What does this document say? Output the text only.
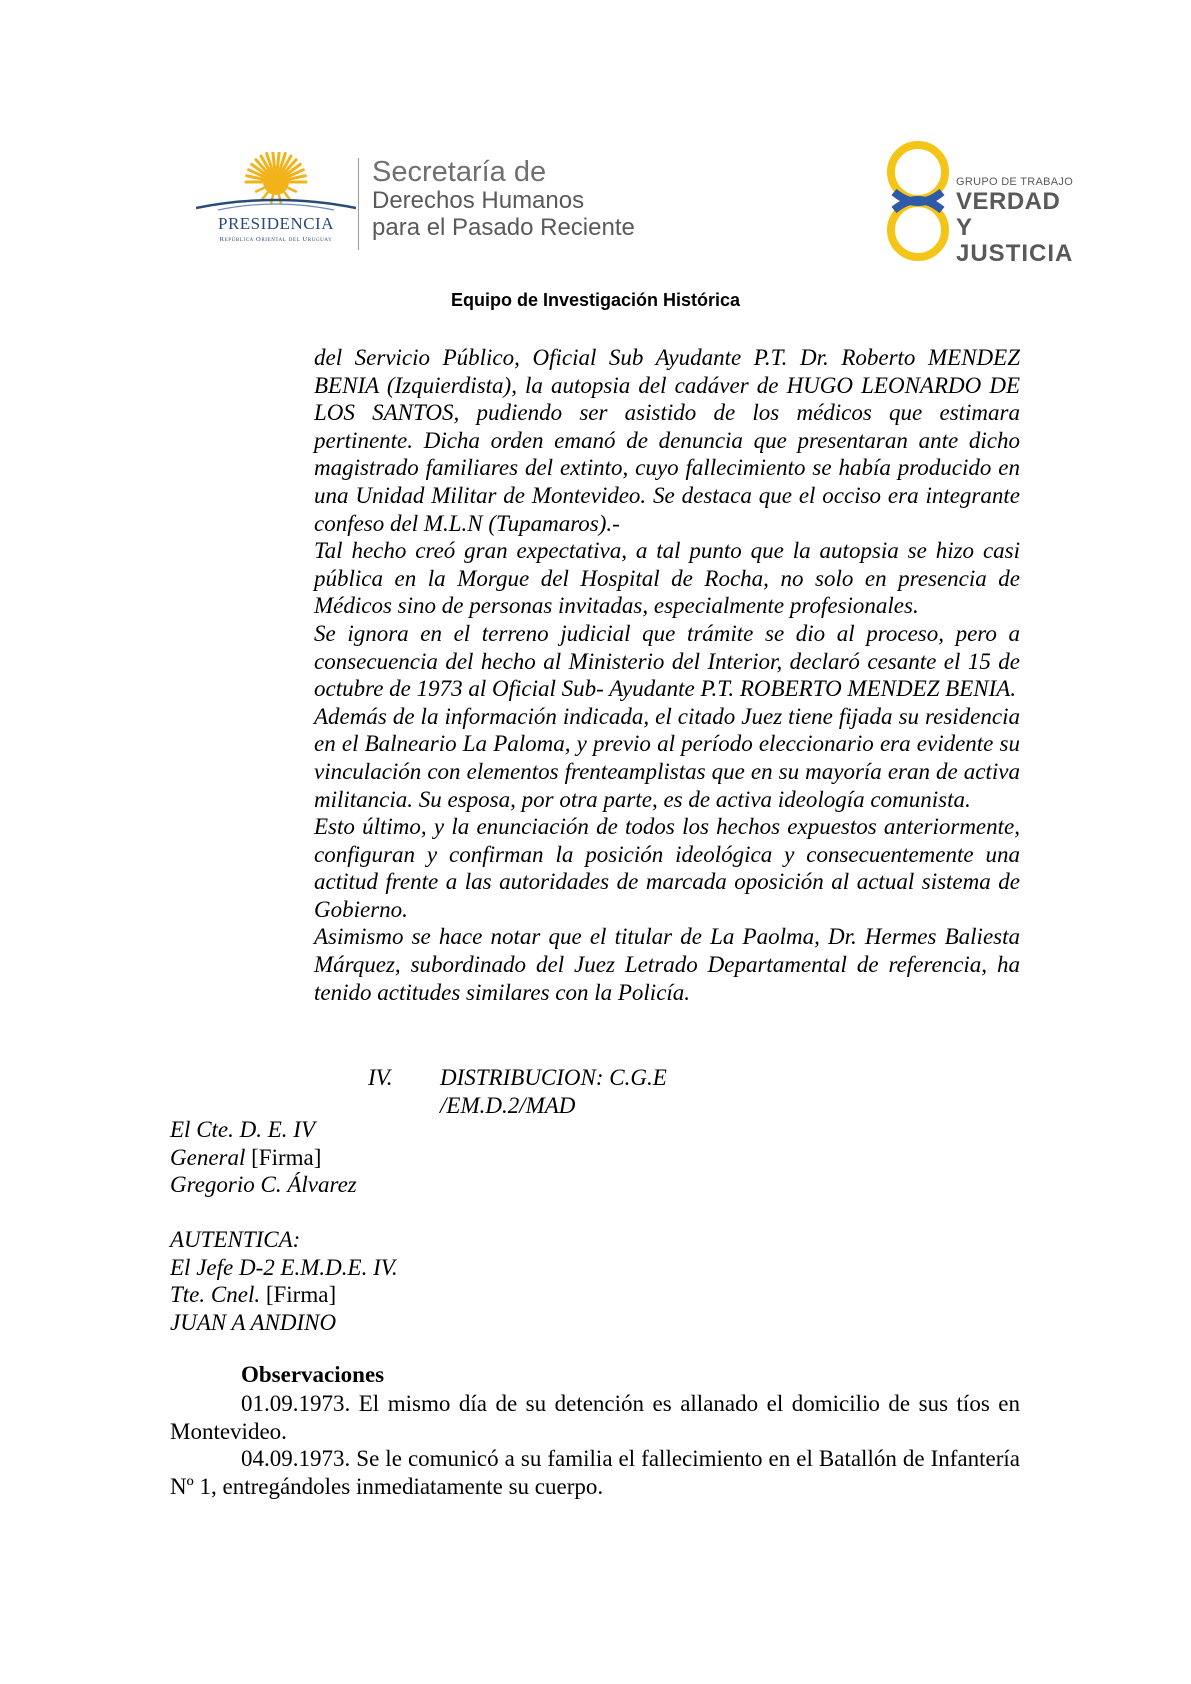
PRESIDENCIA
República Oriental del Uruguay
Secretaría de
Derechos Humanos
para el Pasado Reciente
GRUPO DE TRABAJO
VERDAD Y
JUSTICIA
Equipo de Investigación Histórica

del Servicio Público, Oficial Sub Ayudante P.T. Dr. Roberto MENDEZ BENIA (Izquierdista), la autopsia del cadáver de HUGO LEONARDO DE LOS SANTOS, pudiendo ser asistido de los médicos que estimara pertinente. Dicha orden emanó de denuncia que presentaran ante dicho magistrado familiares del extinto, cuyo fallecimiento se había producido en una Unidad Militar de Montevideo. Se destaca que el occiso era integrante confeso del M.L.N (Tupamaros).-

Tal hecho creó gran expectativa, a tal punto que la autopsia se hizo casi pública en la Morgue del Hospital de Rocha, no solo en presencia de Médicos sino de personas invitadas, especialmente profesionales.

Se ignora en el terreno judicial que trámite se dio al proceso, pero a consecuencia del hecho al Ministerio del Interior, declaró cesante el 15 de octubre de 1973 al Oficial Sub- Ayudante P.T. ROBERTO MENDEZ BENIA.

Además de la información indicada, el citado Juez tiene fijada su residencia en el Balneario La Paloma, y previo al período eleccionario era evidente su vinculación con elementos frenteamplistas que en su mayoría eran de activa militancia. Su esposa, por otra parte, es de activa ideología comunista.

Esto último, y la enunciación de todos los hechos expuestos anteriormente, configuran y confirman la posición ideológica y consecuentemente una actitud frente a las autoridades de marcada oposición al actual sistema de Gobierno.

Asimismo se hace notar que el titular de La Paolma, Dr. Hermes Baliesta Márquez, subordinado del Juez Letrado Departamental de referencia, ha tenido actitudes similares con la Policía.

IV.	DISTRIBUCION: C.G.E
/EM.D.2/MAD
El Cte. D. E. IV
General [Firma]
Gregorio C. Álvarez
AUTENTICA:
El Jefe D-2 E.M.D.E. IV.
Tte. Cnel. [Firma]
JUAN A ANDINO
Observaciones

01.09.1973. El mismo día de su detención es allanado el domicilio de sus tíos en Montevideo.

04.09.1973. Se le comunicó a su familia el fallecimiento en el Batallón de Infantería Nº 1, entregándoles inmediatamente su cuerpo.
